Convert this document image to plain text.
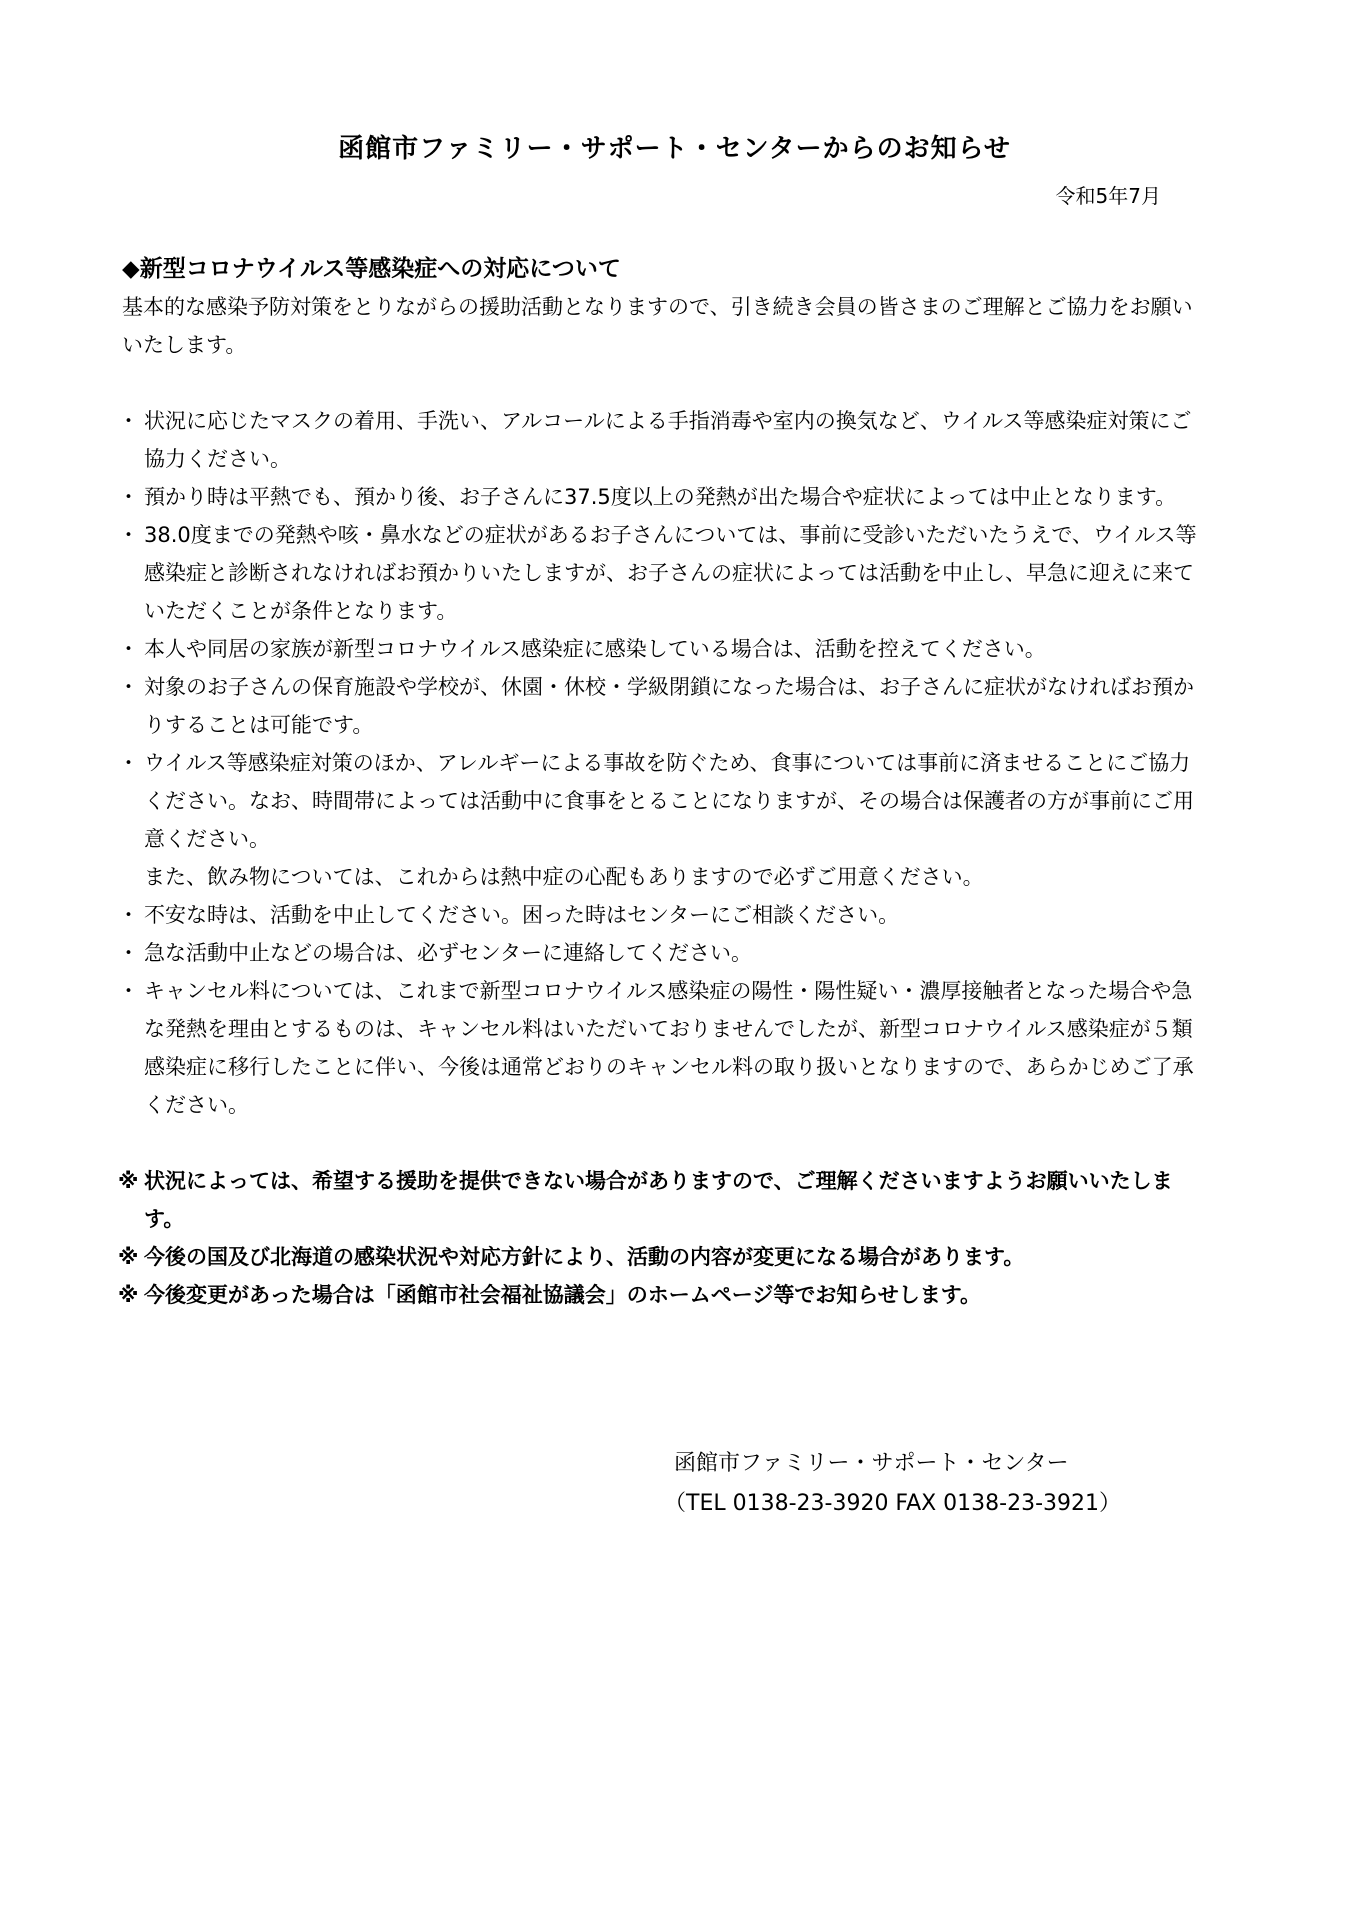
函館市ファミリー・サポート・センターからのお知らせ
令和5年7月
◆新型コロナウイルス等感染症への対応について

基本的な感染予防対策をとりながらの援助活動となりますので、引き続き会員の皆さまのご理解とご協力をお願いいたします。

・ 状況に応じたマスクの着用、手洗い、アルコールによる手指消毒や室内の換気など、ウイルス等感染症対策にご協力ください。
・ 預かり時は平熱でも、預かり後、お子さんに37.5度以上の発熱が出た場合や症状によっては中止となります。
・ 38.0度までの発熱や咳・鼻水などの症状があるお子さんについては、事前に受診いただいたうえで、ウイルス等感染症と診断されなければお預かりいたしますが、お子さんの症状によっては活動を中止し、早急に迎えに来ていただくことが条件となります。
・ 本人や同居の家族が新型コロナウイルス感染症に感染している場合は、活動を控えてください。
・ 対象のお子さんの保育施設や学校が、休園・休校・学級閉鎖になった場合は、お子さんに症状がなければお預かりすることは可能です。
・ ウイルス等感染症対策のほか、アレルギーによる事故を防ぐため、食事については事前に済ませることにご協力ください。なお、時間帯によっては活動中に食事をとることになりますが、その場合は保護者の方が事前にご用意ください。
また、飲み物については、これからは熱中症の心配もありますので必ずご用意ください。
・ 不安な時は、活動を中止してください。困った時はセンターにご相談ください。
・ 急な活動中止などの場合は、必ずセンターに連絡してください。
・ キャンセル料については、これまで新型コロナウイルス感染症の陽性・陽性疑い・濃厚接触者となった場合や急な発熱を理由とするものは、キャンセル料はいただいておりませんでしたが、新型コロナウイルス感染症が５類感染症に移行したことに伴い、今後は通常どおりのキャンセル料の取り扱いとなりますので、あらかじめご了承ください。
※ 状況によっては、希望する援助を提供できない場合がありますので、ご理解くださいますようお願いいたします。
※ 今後の国及び北海道の感染状況や対応方針により、活動の内容が変更になる場合があります。
※ 今後変更があった場合は「函館市社会福祉協議会」のホームページ等でお知らせします。
函館市ファミリー・サポート・センター
（TEL 0138-23-3920 FAX 0138-23-3921）
